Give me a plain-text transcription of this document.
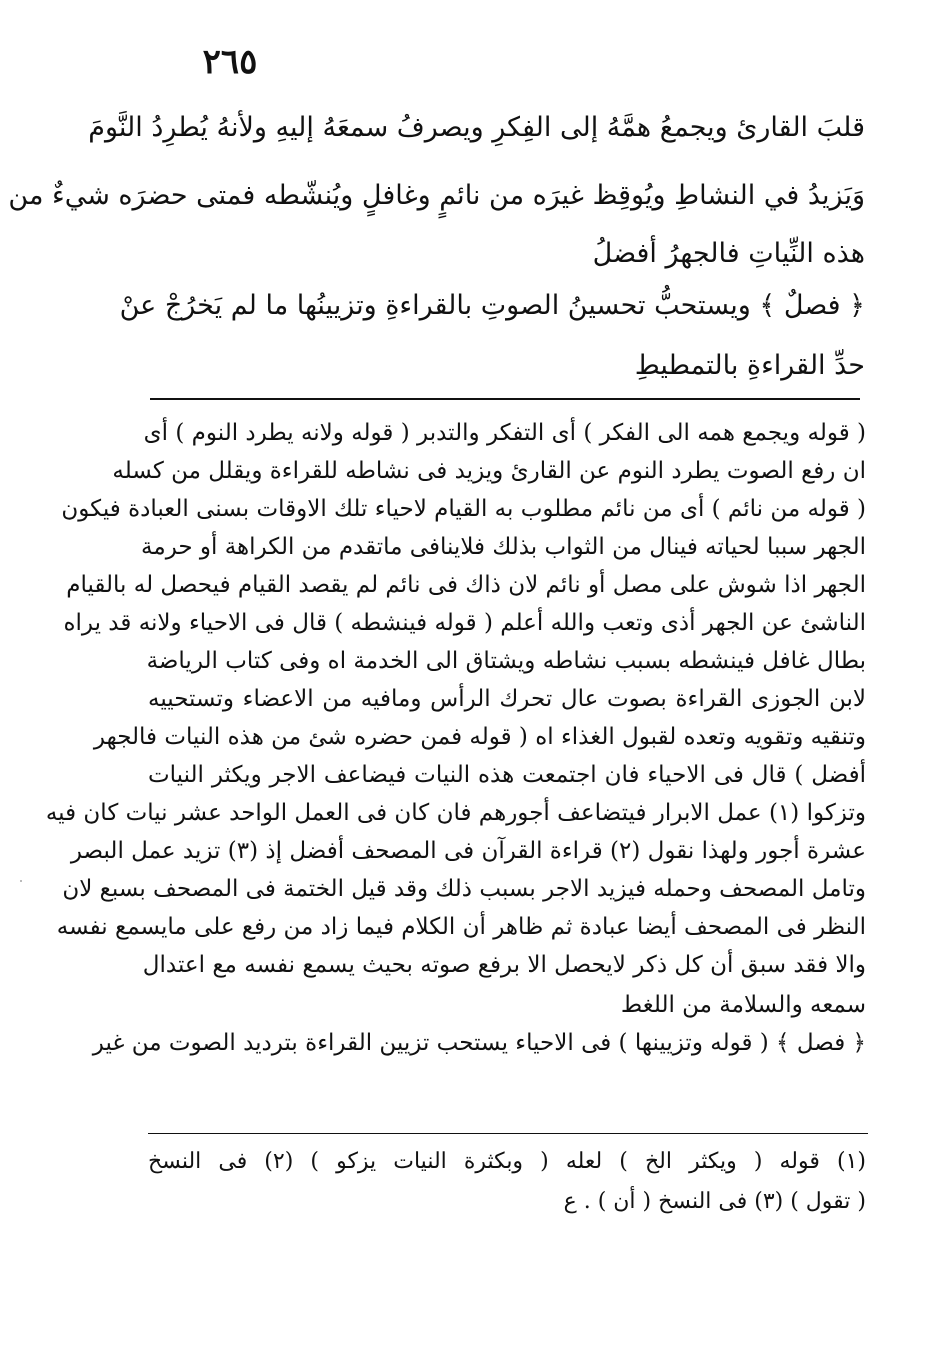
٢٦٥
قلبَ القارئ ويجمعُ همَّهُ إلى الفِكرِ ويصرفُ سمعَهُ إليهِ ولأنهُ يُطرِدُ النَّومَ
وَيَزيدُ في النشاطِ ويُوقِظ غيرَه من نائمٍ وغافلٍ ويُنشّطه فمتى حضرَه شيءٌ من
هذه النِّياتِ فالجهرُ أفضلُ
﴿ فصلٌ ﴾ ويستحبُّ تحسينُ الصوتِ بالقراءةِ وتزيينُها ما لم يَخرُجْ عنْ
حدِّ القراءةِ بالتمطيطِ
( قوله ويجمع همه الى الفكر ) أى التفكر والتدبر ( قوله ولانه يطرد النوم ) أى
ان رفع الصوت يطرد النوم عن القارئ ويزيد فى نشاطه للقراءة ويقلل من كسله
( قوله من نائم ) أى من نائم مطلوب به القيام لاحياء تلك الاوقات بسنى العبادة فيكون
الجهر سببا لحياته فينال من الثواب بذلك فلاينافى ماتقدم من الكراهة أو حرمة
الجهر اذا شوش على مصل أو نائم لان ذاك فى نائم لم يقصد القيام فيحصل له بالقيام
الناشئ عن الجهر أذى وتعب والله أعلم ( قوله فينشطه ) قال فى الاحياء ولانه قد يراه
بطال غافل فينشطه بسبب نشاطه ويشتاق الى الخدمة اه وفى كتاب الرياضة
لابن الجوزى القراءة بصوت عال تحرك الرأس ومافيه من الاعضاء وتستحييه
وتنقيه وتقويه وتعده لقبول الغذاء اه ( قوله فمن حضره شئ من هذه النيات فالجهر
أفضل ) قال فى الاحياء فان اجتمعت هذه النيات فيضاعف الاجر ويكثر النيات
وتزكوا (١) عمل الابرار فيتضاعف أجورهم فان كان فى العمل الواحد عشر نيات كان فيه
عشرة أجور ولهذا نقول (٢) قراءة القرآن فى المصحف أفضل إذ (٣) تزيد عمل البصر
وتامل المصحف وحمله فيزيد الاجر بسبب ذلك وقد قيل الختمة فى المصحف بسبع لان
النظر فى المصحف أيضا عبادة ثم ظاهر أن الكلام فيما زاد من رفع على مايسمع نفسه
والا فقد سبق أن كل ذكر لايحصل الا برفع صوته بحيث يسمع نفسه مع اعتدال
سمعه والسلامة من اللغط
﴿ فصل ﴾ ( قوله وتزيينها ) فى الاحياء يستحب تزيين القراءة بترديد الصوت من غير
(١) قوله ( ويكثر الخ ) لعله ( وبكثرة النيات يزكو ) (٢) فى النسخ
( تقول ) (٣) فى النسخ ( أن ) . ع
